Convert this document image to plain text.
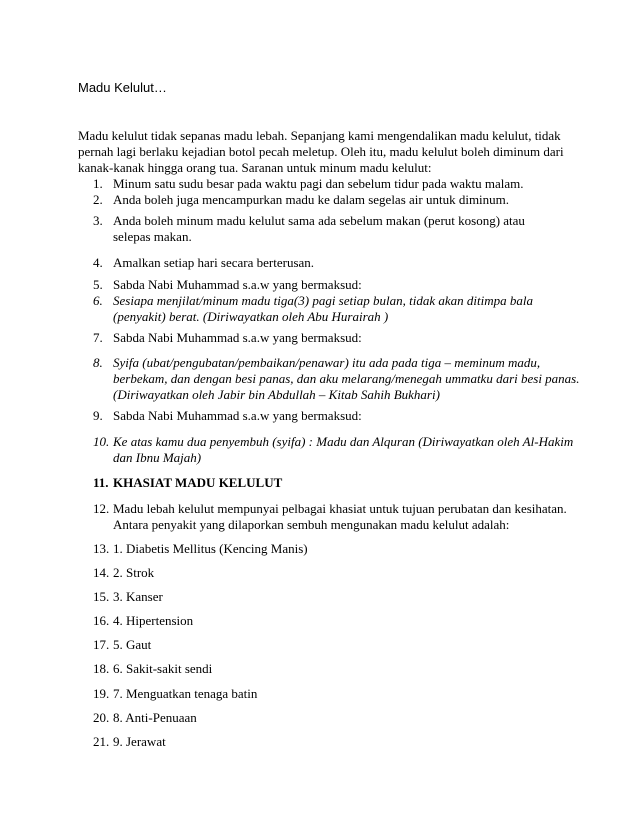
Madu Kelulut…

Madu kelulut tidak sepanas madu lebah. Sepanjang kami mengendalikan madu kelulut, tidak

pernah lagi berlaku kejadian botol pecah meletup. Oleh itu, madu kelulut boleh diminum dari

kanak-kanak hingga orang tua. Saranan untuk minum madu kelulut:

1. Minum satu sudu besar pada waktu pagi dan sebelum tidur pada waktu malam.
2. Anda boleh juga mencampurkan madu ke dalam segelas air untuk diminum.
3. Anda boleh minum madu kelulut sama ada sebelum makan (perut kosong) atau
selepas makan.
4. Amalkan setiap hari secara berterusan.
5. Sabda Nabi Muhammad s.a.w yang bermaksud:
6. Sesiapa menjilat/minum madu tiga(3) pagi setiap bulan, tidak akan ditimpa bala
(penyakit) berat. (Diriwayatkan oleh Abu Hurairah )
7. Sabda Nabi Muhammad s.a.w yang bermaksud:
8. Syifa (ubat/pengubatan/pembaikan/penawar) itu ada pada tiga – meminum madu,
berbekam, dan dengan besi panas, dan aku melarang/menegah ummatku dari besi panas.
(Diriwayatkan oleh Jabir bin Abdullah – Kitab Sahih Bukhari)
9. Sabda Nabi Muhammad s.a.w yang bermaksud:
10. Ke atas kamu dua penyembuh (syifa) : Madu dan Alquran (Diriwayatkan oleh Al-Hakim
dan Ibnu Majah)
11. KHASIAT MADU KELULUT
12. Madu lebah kelulut mempunyai pelbagai khasiat untuk tujuan perubatan dan kesihatan.
Antara penyakit yang dilaporkan sembuh mengunakan madu kelulut adalah:
13. 1. Diabetis Mellitus (Kencing Manis)
14. 2. Strok
15. 3. Kanser
16. 4. Hipertension
17. 5. Gaut
18. 6. Sakit-sakit sendi
19. 7. Menguatkan tenaga batin
20. 8. Anti-Penuaan
21. 9. Jerawat
